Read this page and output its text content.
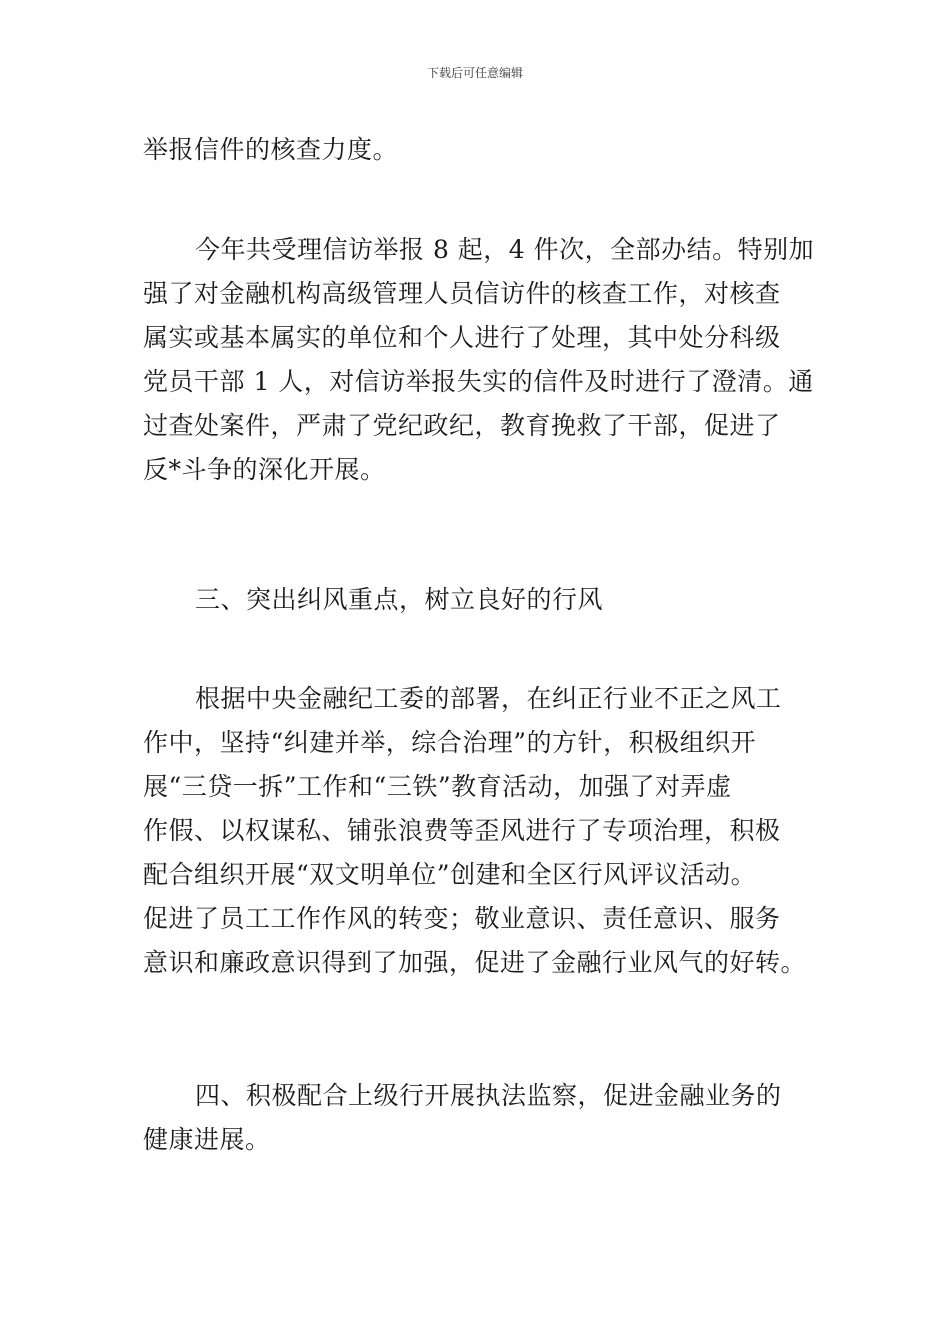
下载后可任意编辑
举报信件的核查力度。
今年共受理信访举报 8 起，4 件次，全部办结。特别加
强了对金融机构高级管理人员信访件的核查工作，对核查
属实或基本属实的单位和个人进行了处理，其中处分科级
党员干部 1 人，对信访举报失实的信件及时进行了澄清。通
过查处案件，严肃了党纪政纪，教育挽救了干部，促进了
反*斗争的深化开展。
三、突出纠风重点，树立良好的行风
根据中央金融纪工委的部署，在纠正行业不正之风工
作中，坚持“纠建并举，综合治理”的方针，积极组织开
展“三贷一拆”工作和“三铁”教育活动，加强了对弄虚
作假、以权谋私、铺张浪费等歪风进行了专项治理，积极
配合组织开展“双文明单位”创建和全区行风评议活动。
促进了员工工作作风的转变；敬业意识、责任意识、服务
意识和廉政意识得到了加强，促进了金融行业风气的好转。
四、积极配合上级行开展执法监察，促进金融业务的
健康进展。
